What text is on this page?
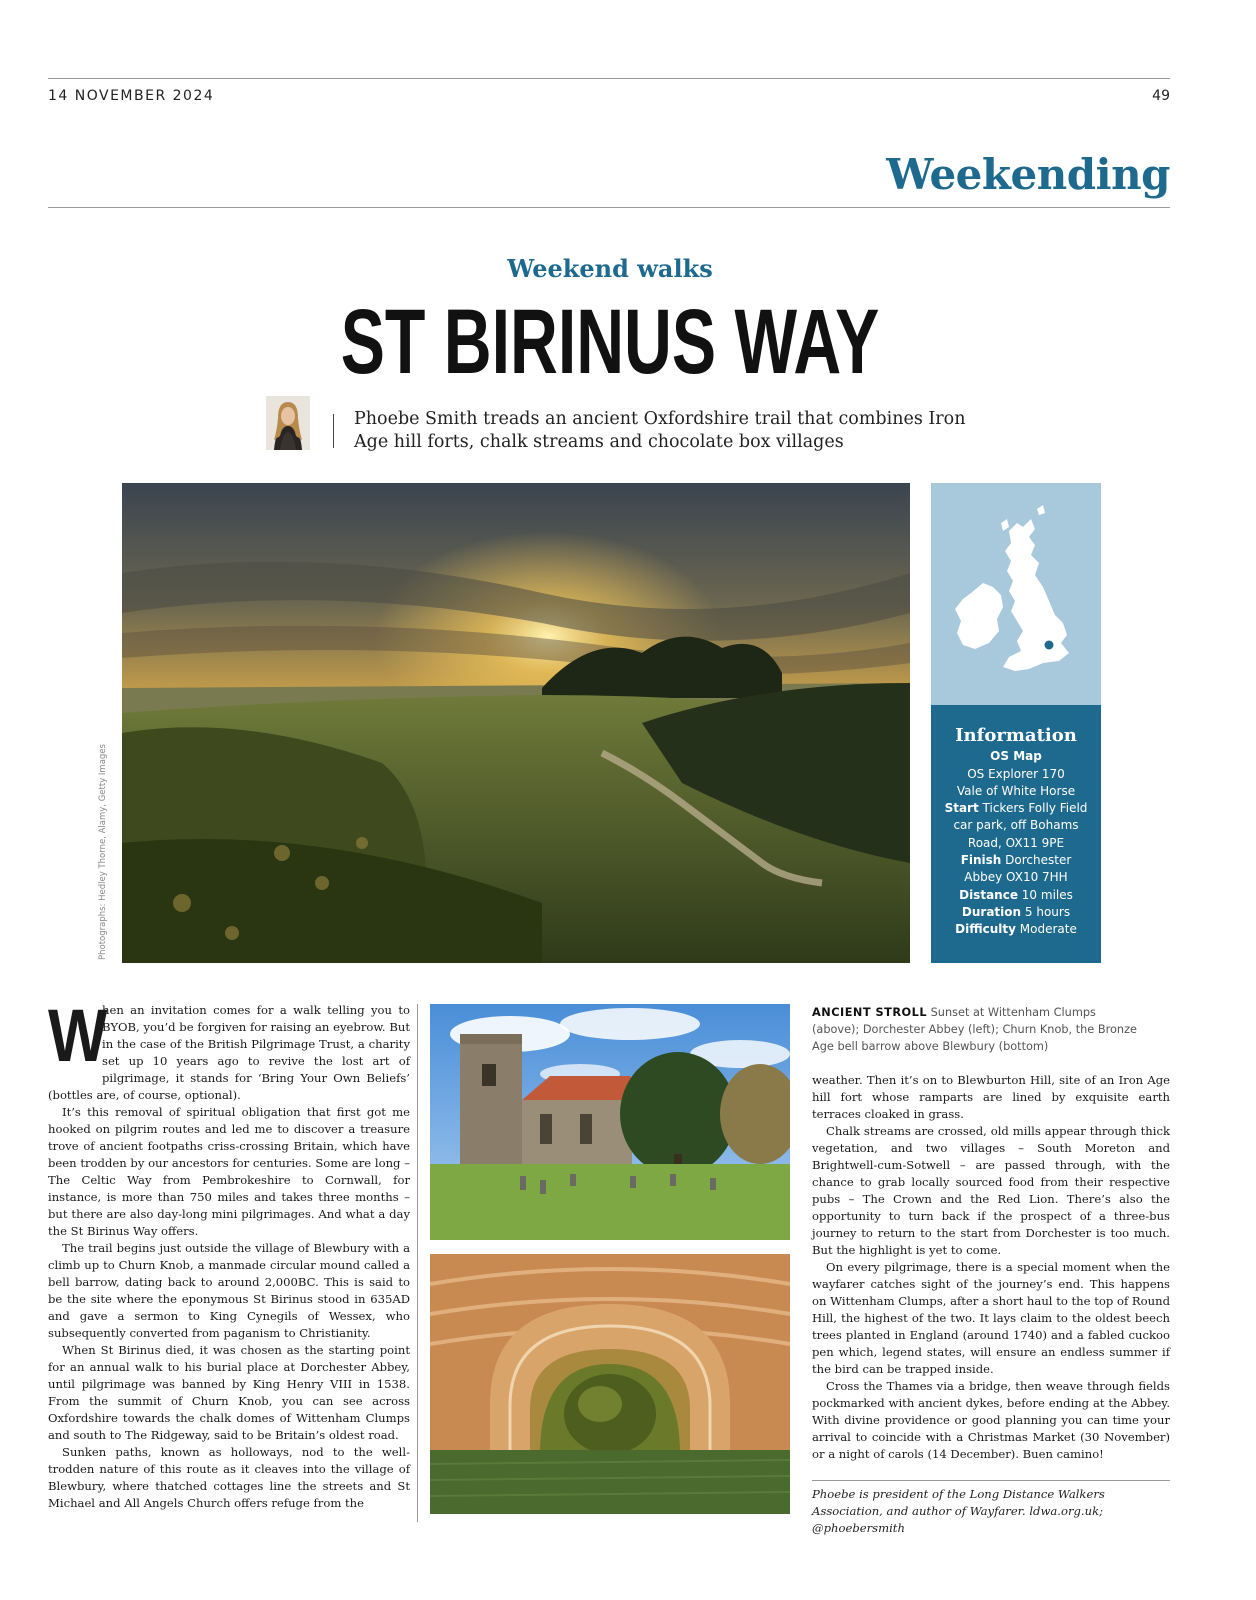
14 NOVEMBER 2024	49
Weekending
Weekend walks
ST BIRINUS WAY
Phoebe Smith treads an ancient Oxfordshire trail that combines Iron Age hill forts, chalk streams and chocolate box villages
Photographs: Hedley Thorne, Alamy, Getty Images
Information
OS Map
OS Explorer 170
Vale of White Horse
Start Tickers Folly Field
car park, off Bohams
Road, OX11 9PE
Finish Dorchester
Abbey OX10 7HH
Distance 10 miles
Duration 5 hours
Difficulty Moderate

W
hen an invitation comes for a walk telling you to BYOB, you’d be forgiven for raising an eyebrow. But in the case of the British Pilgrimage Trust, a charity set up 10 years ago to revive the lost art of pilgrimage, it stands for ‘Bring Your Own Beliefs’ (bottles are, of course, optional).

It’s this removal of spiritual obligation that first got me hooked on pilgrim routes and led me to discover a treasure trove of ancient footpaths criss-crossing Britain, which have been trodden by our ancestors for centuries. Some are long – The Celtic Way from Pembrokeshire to Cornwall, for instance, is more than 750 miles and takes three months – but there are also day-long mini pilgrimages. And what a day the St Birinus Way offers.

The trail begins just outside the village of Blewbury with a climb up to Churn Knob, a manmade circular mound called a bell barrow, dating back to around 2,000BC. This is said to be the site where the eponymous St Birinus stood in 635AD and gave a sermon to King Cynegils of Wessex, who subsequently converted from paganism to Christianity.

When St Birinus died, it was chosen as the starting point for an annual walk to his burial place at Dorchester Abbey, until pilgrimage was banned by King Henry VIII in 1538. From the summit of Churn Knob, you can see across Oxfordshire towards the chalk domes of Wittenham Clumps and south to The Ridgeway, said to be Britain’s oldest road.

Sunken paths, known as holloways, nod to the well-trodden nature of this route as it cleaves into the village of Blewbury, where thatched cottages line the streets and St Michael and All Angels Church offers refuge from the

ANCIENT STROLL Sunset at Wittenham Clumps (above); Dorchester Abbey (left); Churn Knob, the Bronze Age bell barrow above Blewbury (bottom)

weather. Then it’s on to Blewburton Hill, site of an Iron Age hill fort whose ramparts are lined by exquisite earth terraces cloaked in grass.

Chalk streams are crossed, old mills appear through thick vegetation, and two villages – South Moreton and Brightwell-cum-Sotwell – are passed through, with the chance to grab locally sourced food from their respective pubs – The Crown and the Red Lion. There’s also the opportunity to turn back if the prospect of a three-bus journey to return to the start from Dorchester is too much. But the highlight is yet to come.

On every pilgrimage, there is a special moment when the wayfarer catches sight of the journey’s end. This happens on Wittenham Clumps, after a short haul to the top of Round Hill, the highest of the two. It lays claim to the oldest beech trees planted in England (around 1740) and a fabled cuckoo pen which, legend states, will ensure an endless summer if the bird can be trapped inside.

Cross the Thames via a bridge, then weave through fields pockmarked with ancient dykes, before ending at the Abbey. With divine providence or good planning you can time your arrival to coincide with a Christmas Market (30 November) or a night of carols (14 December). Buen camino!

Phoebe is president of the Long Distance Walkers Association, and author of Wayfarer. ldwa.org.uk; @phoebersmith
